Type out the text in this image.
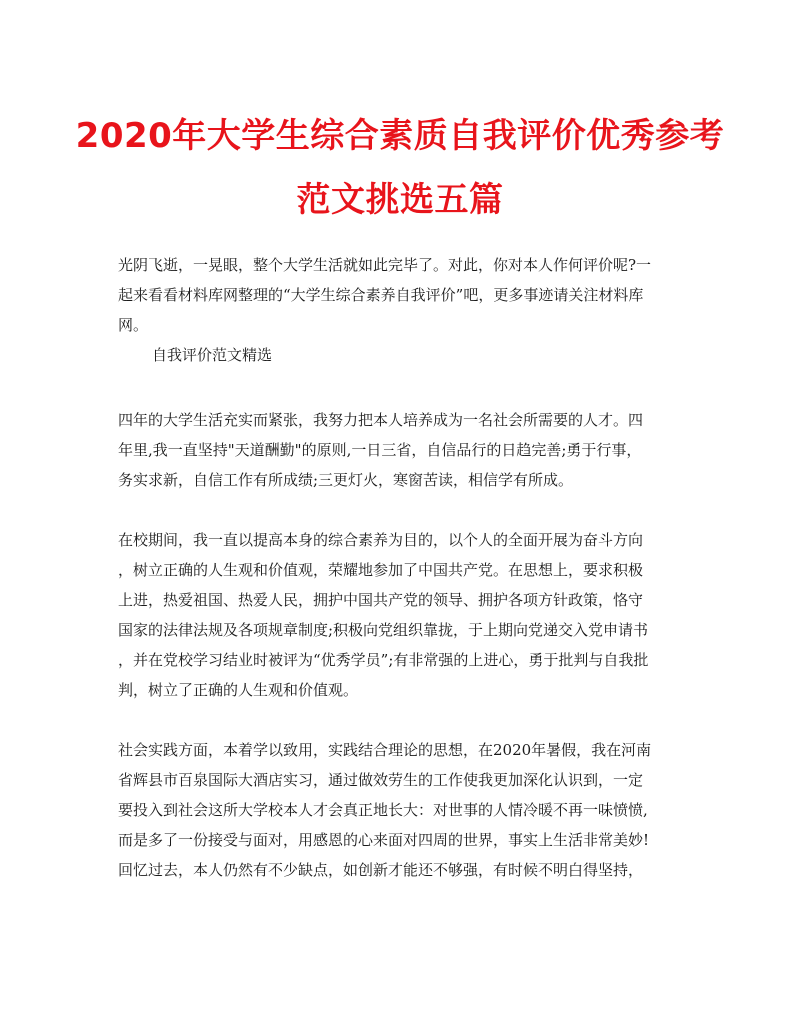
2020年大学生综合素质自我评价优秀参考
范文挑选五篇
光阴飞逝，一晃眼，整个大学生活就如此完毕了。对此，你对本人作何评价呢?一
起来看看材料库网整理的“大学生综合素养自我评价”吧，更多事迹请关注材料库
网。
自我评价范文精选
四年的大学生活充实而紧张，我努力把本人培养成为一名社会所需要的人才。四
年里,我一直坚持"天道酬勤"的原则,一日三省，自信品行的日趋完善;勇于行事，
务实求新，自信工作有所成绩;三更灯火，寒窗苦读，相信学有所成。
在校期间，我一直以提高本身的综合素养为目的，以个人的全面开展为奋斗方向
，树立正确的人生观和价值观，荣耀地参加了中国共产党。在思想上，要求积极
上进，热爱祖国、热爱人民，拥护中国共产党的领导、拥护各项方针政策，恪守
国家的法律法规及各项规章制度;积极向党组织靠拢，于上期向党递交入党申请书
，并在党校学习结业时被评为“优秀学员”;有非常强的上进心，勇于批判与自我批
判，树立了正确的人生观和价值观。
社会实践方面，本着学以致用，实践结合理论的思想，在2020年暑假，我在河南
省辉县市百泉国际大酒店实习，通过做效劳生的工作使我更加深化认识到，一定
要投入到社会这所大学校本人才会真正地长大：对世事的人情冷暖不再一味愤愤,
而是多了一份接受与面对，用感恩的心来面对四周的世界，事实上生活非常美妙!
回忆过去，本人仍然有不少缺点，如创新才能还不够强，有时候不明白得坚持，
